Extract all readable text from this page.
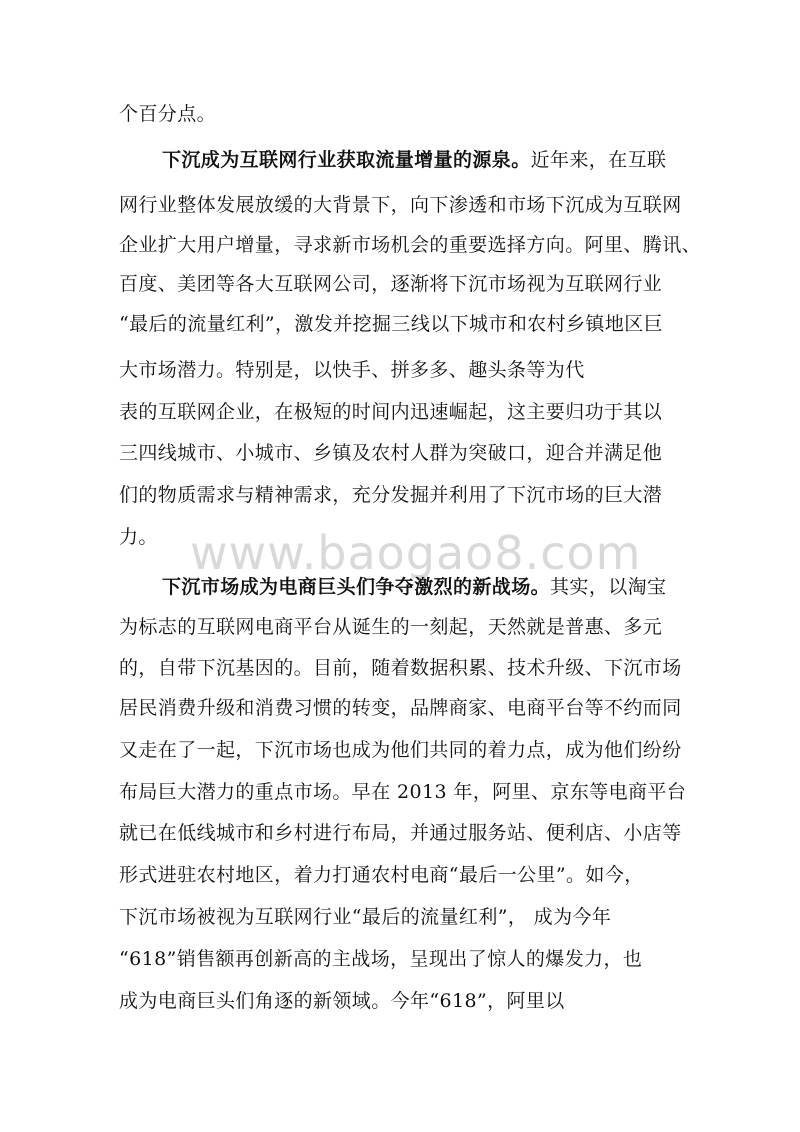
www.baogao8.com
个百分点。
下沉成为互联网行业获取流量增量的源泉。近年来，在互联
网行业整体发展放缓的大背景下，向下渗透和市场下沉成为互联网
企业扩大用户增量，寻求新市场机会的重要选择方向。阿里、腾讯、
百度、美团等各大互联网公司，逐渐将下沉市场视为互联网行业
“最后的流量红利”，激发并挖掘三线以下城市和农村乡镇地区巨
大市场潜力。特别是，以快手、拼多多、趣头条等为代
表的互联网企业，在极短的时间内迅速崛起，这主要归功于其以
三四线城市、小城市、乡镇及农村人群为突破口，迎合并满足他
们的物质需求与精神需求，充分发掘并利用了下沉市场的巨大潜
力。
下沉市场成为电商巨头们争夺激烈的新战场。其实，以淘宝
为标志的互联网电商平台从诞生的一刻起，天然就是普惠、多元
的，自带下沉基因的。目前，随着数据积累、技术升级、下沉市场
居民消费升级和消费习惯的转变，品牌商家、电商平台等不约而同
又走在了一起，下沉市场也成为他们共同的着力点，成为他们纷纷
布局巨大潜力的重点市场。早在 2013 年，阿里、京东等电商平台
就已在低线城市和乡村进行布局，并通过服务站、便利店、小店等
形式进驻农村地区，着力打通农村电商“最后一公里”。如今，
下沉市场被视为互联网行业“最后的流量红利”， 成为今年
“618”销售额再创新高的主战场，呈现出了惊人的爆发力，也
成为电商巨头们角逐的新领域。今年“618”，阿里以
